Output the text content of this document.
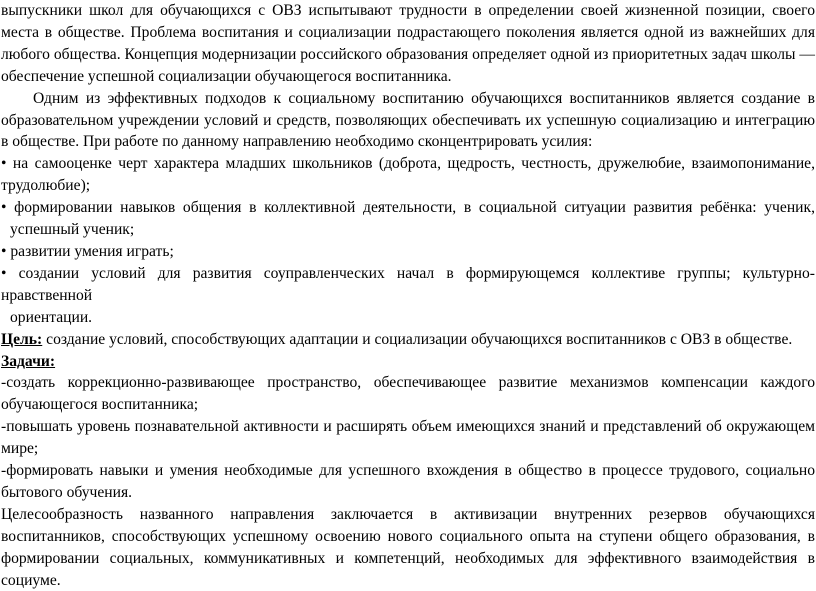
выпускники школ для обучающихся с ОВЗ испытывают трудности в определении своей жизненной позиции, своего места в обществе. Проблема воспитания и социализации подрастающего поколения является одной из важнейших для любого общества. Концепция модернизации российского образования определяет одной из приоритетных задач школы — обеспечение успешной социализации обучающегося воспитанника.

Одним из эффективных подходов к социальному воспитанию обучающихся воспитанников является создание в образовательном учреждении условий и средств, позволяющих обеспечивать их успешную социализацию и интеграцию в обществе. При работе по данному направлению необходимо сконцентрировать усилия:

• на самооценке черт характера младших школьников (доброта, щедрость, честность, дружелюбие, взаимопонимание, трудолюбие);

• формировании навыков общения в коллективной деятельности, в социальной ситуации развития ребёнка: ученик, успешный ученик;

• развитии умения играть;

• создании условий для развития соуправленческих начал в формирующемся коллективе группы; культурно-нравственной

ориентации.

Цель: создание условий, способствующих адаптации и социализации обучающихся воспитанников с ОВЗ в обществе.

Задачи:

-создать коррекционно-развивающее пространство, обеспечивающее развитие механизмов компенсации каждого обучающегося воспитанника;

-повышать уровень познавательной активности и расширять объем имеющихся знаний и представлений об окружающем мире;

-формировать навыки и умения необходимые для успешного вхождения в общество в процессе трудового, социально бытового обучения.

Целесообразность названного направления заключается в активизации внутренних резервов обучающихся воспитанников, способствующих успешному освоению нового социального опыта на ступени общего образования, в формировании социальных, коммуникативных и компетенций, необходимых для эффективного взаимодействия в социуме.
